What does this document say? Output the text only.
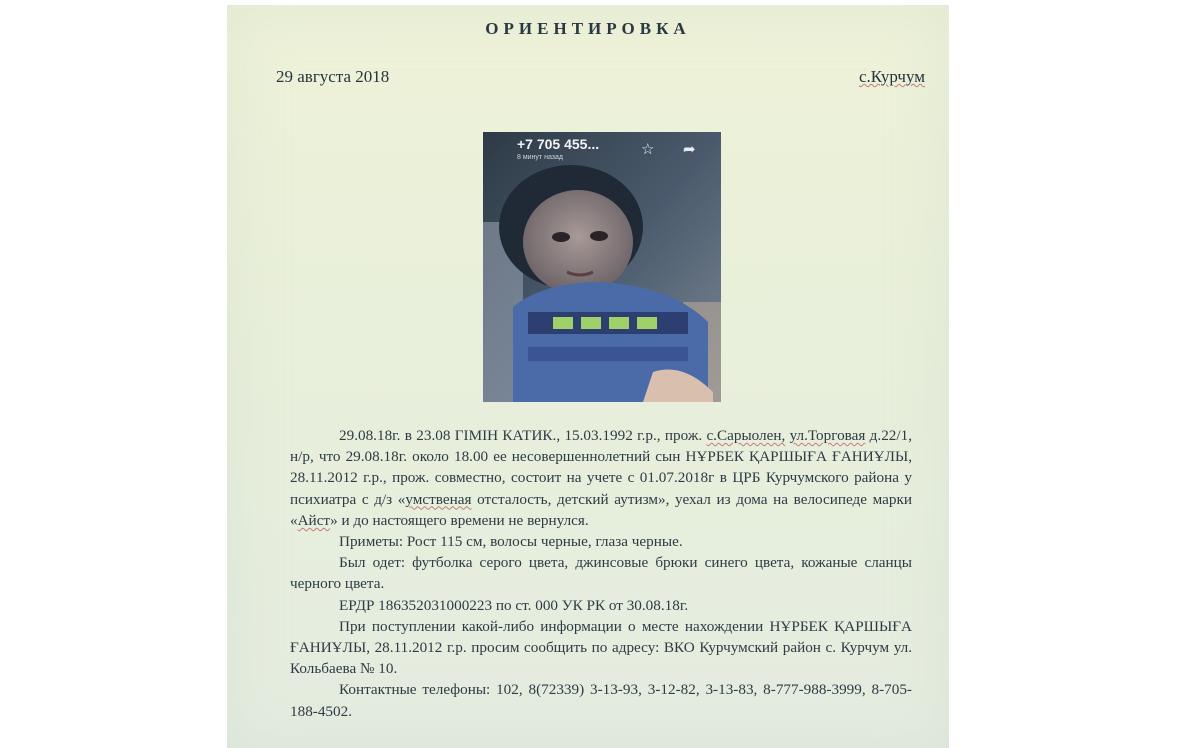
ОРИЕНТИРОВКА
29 августа 2018	с.Курчум
+7 705 455...
8 минут назад	☆ ➦

29.08.18г. в 23.08 ГІМІН КАТИК., 15.03.1992 г.р., прож. с.Сарыолен, ул.Торговая д.22/1, н/р, что 29.08.18г. около 18.00 ее несовершеннолетний сын НҰРБЕК ҚАРШЫҒА ҒАНИҰЛЫ, 28.11.2012 г.р., прож. совместно, состоит на учете с 01.07.2018г в ЦРБ Курчумского района у психиатра с д/з «умственая отсталость, детский аутизм», уехал из дома на велосипеде марки «Айст» и до настоящего времени не вернулся.

Приметы: Рост 115 см, волосы черные, глаза черные.

Был одет: футболка серого цвета, джинсовые брюки синего цвета, кожаные сланцы черного цвета.

ЕРДР 186352031000223 по ст. 000 УК РК от 30.08.18г.

При поступлении какой-либо информации о месте нахождении НҰРБЕК ҚАРШЫҒА ҒАНИҰЛЫ, 28.11.2012 г.р. просим сообщить по адресу: ВКО Курчумский район с. Курчум ул. Кольбаева № 10.

Контактные телефоны: 102, 8(72339) 3-13-93, 3-12-82, 3-13-83, 8-777-988-3999, 8-705-188-4502.
